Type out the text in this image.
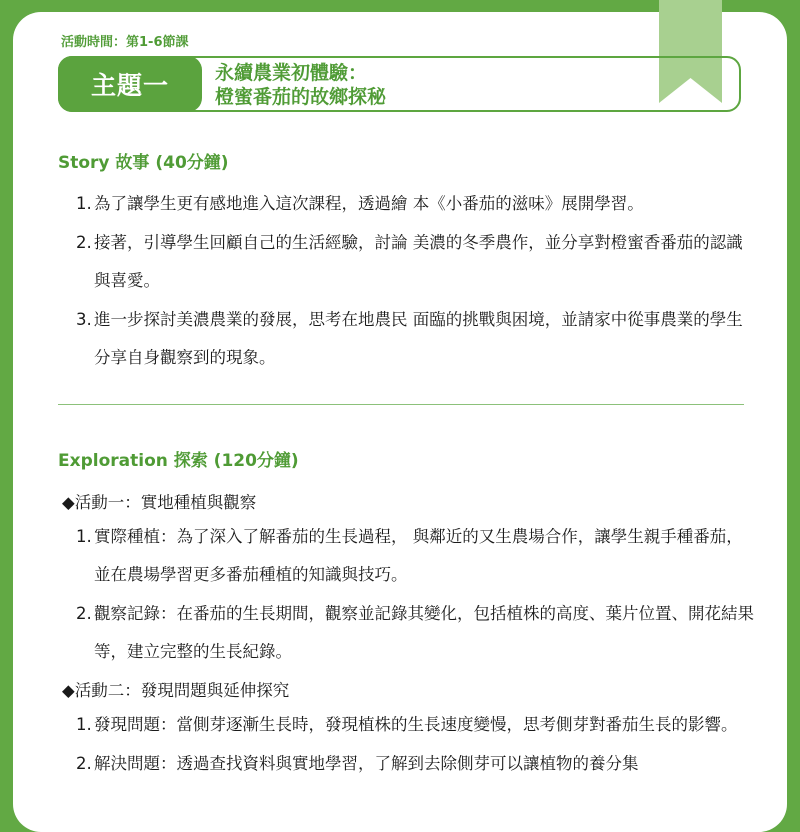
活動時間：第1-6節課
主題一	永續農業初體驗：
橙蜜番茄的故鄉探秘
Story 故事 (40分鐘)
1. 為了讓學生更有感地進入這次課程，透過繪 本《小番茄的滋味》展開學習。
2. 接著，引導學生回顧自己的生活經驗，討論 美濃的冬季農作，並分享對橙蜜香番茄的認識 與喜愛。
3. 進一步探討美濃農業的發展，思考在地農民 面臨的挑戰與困境，並請家中從事農業的學生 分享自身觀察到的現象。
Exploration 探索 (120分鐘)
◆活動一：實地種植與觀察
1. 實際種植：為了深入了解番茄的生長過程， 與鄰近的又生農場合作，讓學生親手種番茄， 並在農場學習更多番茄種植的知識與技巧。
2. 觀察記錄：在番茄的生長期間，觀察並記錄其變化，包括植株的高度、葉片位置、開花結果等，建立完整的生長紀錄。
◆活動二：發現問題與延伸探究
1. 發現問題：當側芽逐漸生長時，發現植株的生長速度變慢，思考側芽對番茄生長的影響。
2. 解決問題：透過查找資料與實地學習，了解到去除側芽可以讓植物的養分集
